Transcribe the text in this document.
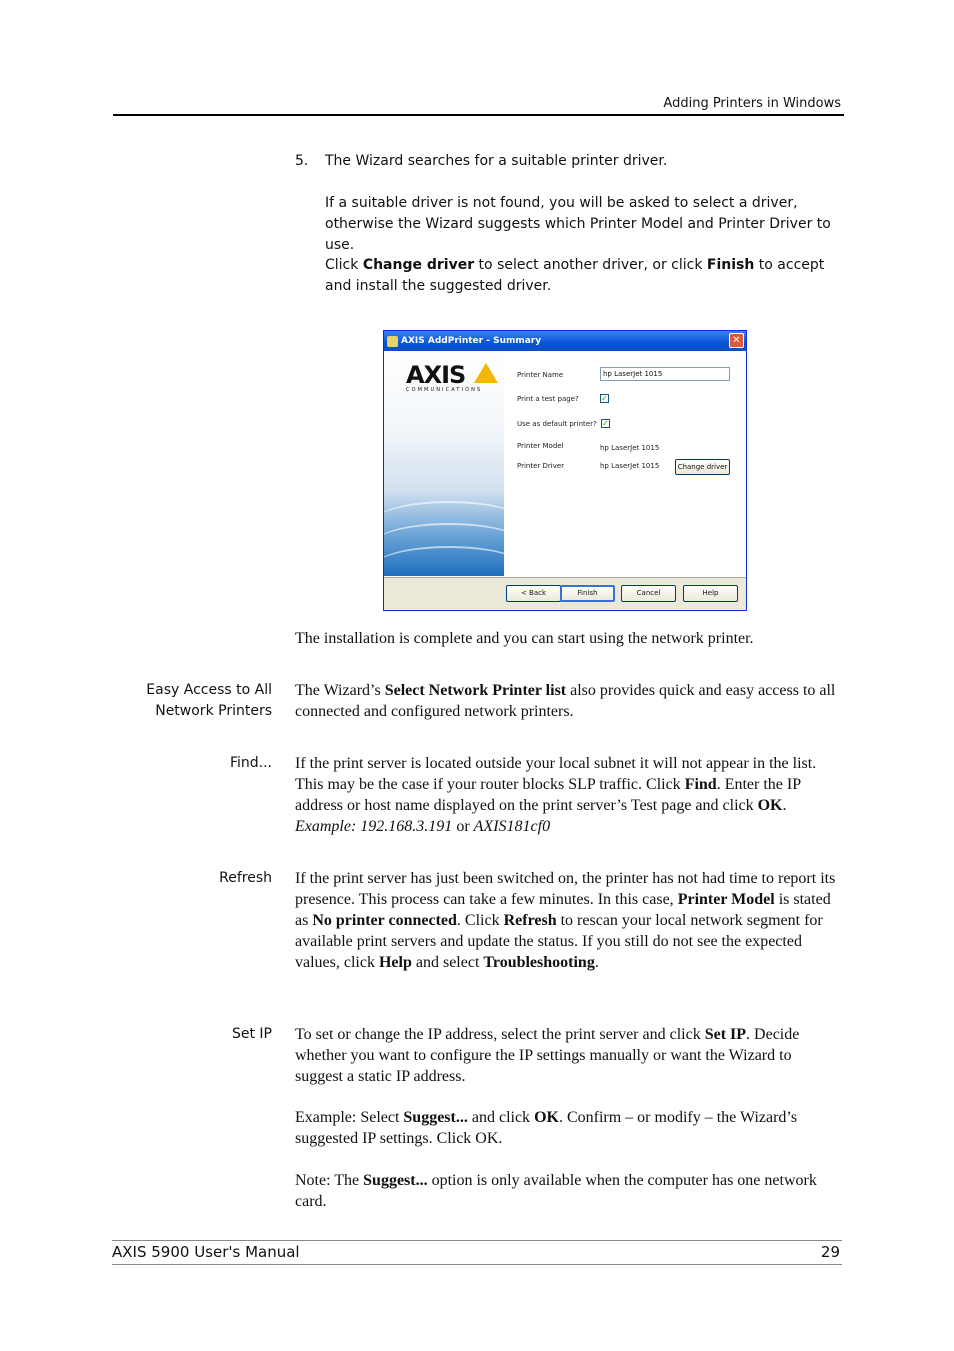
Adding Printers in Windows
5. The Wizard searches for a suitable printer driver.
If a suitable driver is not found, you will be asked to select a driver, otherwise the Wizard suggests which Printer Model and Printer Driver to use.
Click Change driver to select another driver, or click Finish to accept and install the suggested driver.
AXIS AddPrinter - Summary	✕
AXIS
COMMUNICATIONS
Printer Name	hp LaserJet 1015
Print a test page?	✓
Use as default printer? ✓
Printer Model	hp LaserJet 1015
Printer Driver	hp LaserJet 1015	Change driver
< Back	Finish	Cancel	Help
The installation is complete and you can start using the network printer.
Easy Access to All
Network Printers
The Wizard’s Select Network Printer list also provides quick and easy access to all connected and configured network printers.
Find... If the print server is located outside your local subnet it will not appear in the list. This may be the case if your router blocks SLP traffic. Click Find. Enter the IP address or host name displayed on the print server’s Test page and click OK. Example: 192.168.3.191 or AXIS181cf0
Refresh If the print server has just been switched on, the printer has not had time to report its presence. This process can take a few minutes. In this case, Printer Model is stated as No printer connected. Click Refresh to rescan your local network segment for available print servers and update the status. If you still do not see the expected values, click Help and select Troubleshooting.
Set IP To set or change the IP address, select the print server and click Set IP. Decide whether you want to configure the IP settings manually or want the Wizard to suggest a static IP address.
Example: Select Suggest... and click OK. Confirm – or modify – the Wizard’s suggested IP settings. Click OK.
Note: The Suggest... option is only available when the computer has one network card.
AXIS 5900 User's Manual	29
